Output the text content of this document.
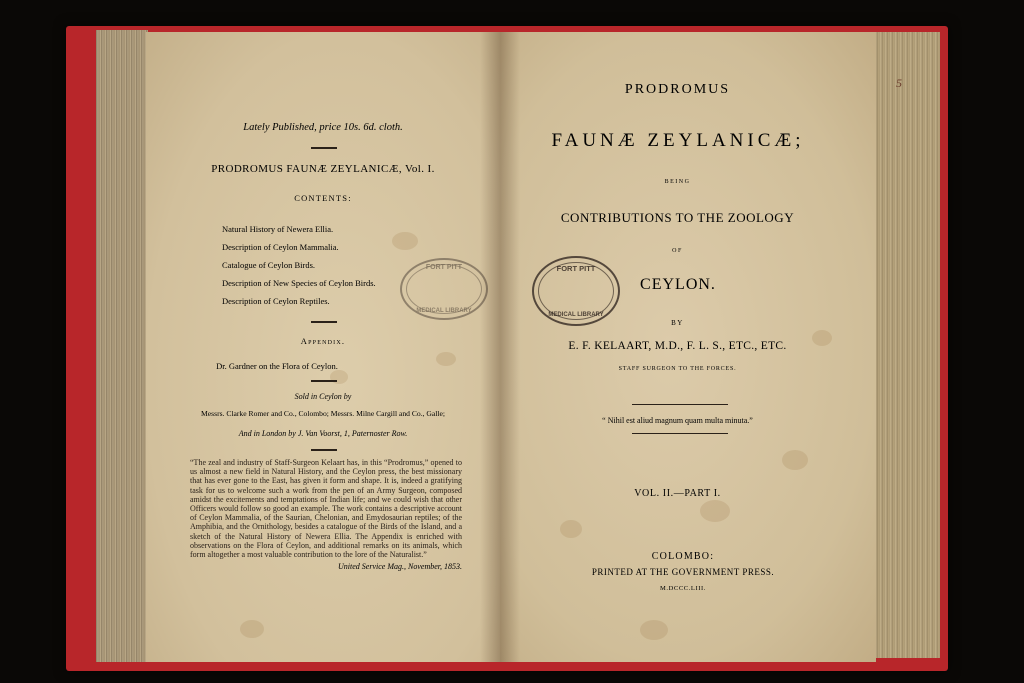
5
Lately Published, price 10s. 6d. cloth.
PRODROMUS FAUNÆ ZEYLANICÆ, Vol. I.
CONTENTS:
Natural History of Newera Ellia.
Description of Ceylon Mammalia.
Catalogue of Ceylon Birds.
Description of New Species of Ceylon Birds.
Description of Ceylon Reptiles.
Appendix.
Dr. Gardner on the Flora of Ceylon.
Sold in Ceylon by
Messrs. Clarke Romer and Co., Colombo; Messrs. Milne Cargill and Co., Galle;
And in London by J. Van Voorst, 1, Paternoster Row.
“The zeal and industry of Staff-Surgeon Kelaart has, in this “Prodromus,” opened to us almost a new field in Natural History, and the Ceylon press, the best missionary that has ever gone to the East, has given it form and shape. It is, indeed a gratifying task for us to welcome such a work from the pen of an Army Surgeon, composed amidst the excitements and temptations of Indian life; and we could wish that other Officers would follow so good an example. The work contains a descriptive account of Ceylon Mammalia, of the Saurian, Chelonian, and Emydosaurian reptiles; of the Amphibia, and the Ornithology, besides a catalogue of the Birds of the Island, and a sketch of the Natural History of Newera Ellia. The Appendix is enriched with observations on the Flora of Ceylon, and additional remarks on its animals, which form altogether a most valuable contribution to the lore of the Naturalist.”
United Service Mag., November, 1853.
FORT PITT
MEDICAL LIBRARY
PRODROMUS
FAUNÆ ZEYLANICÆ;
BEING
CONTRIBUTIONS TO THE ZOOLOGY
OF
CEYLON.
BY
E. F. KELAART, M.D., F. L. S., ETC., ETC.
STAFF SURGEON TO THE FORCES.
“ Nihil est aliud magnum quam multa minuta.”
VOL. II.—PART I.
COLOMBO:
PRINTED AT THE GOVERNMENT PRESS.
M.DCCC.LIII.
FORT PITT
MEDICAL LIBRARY
